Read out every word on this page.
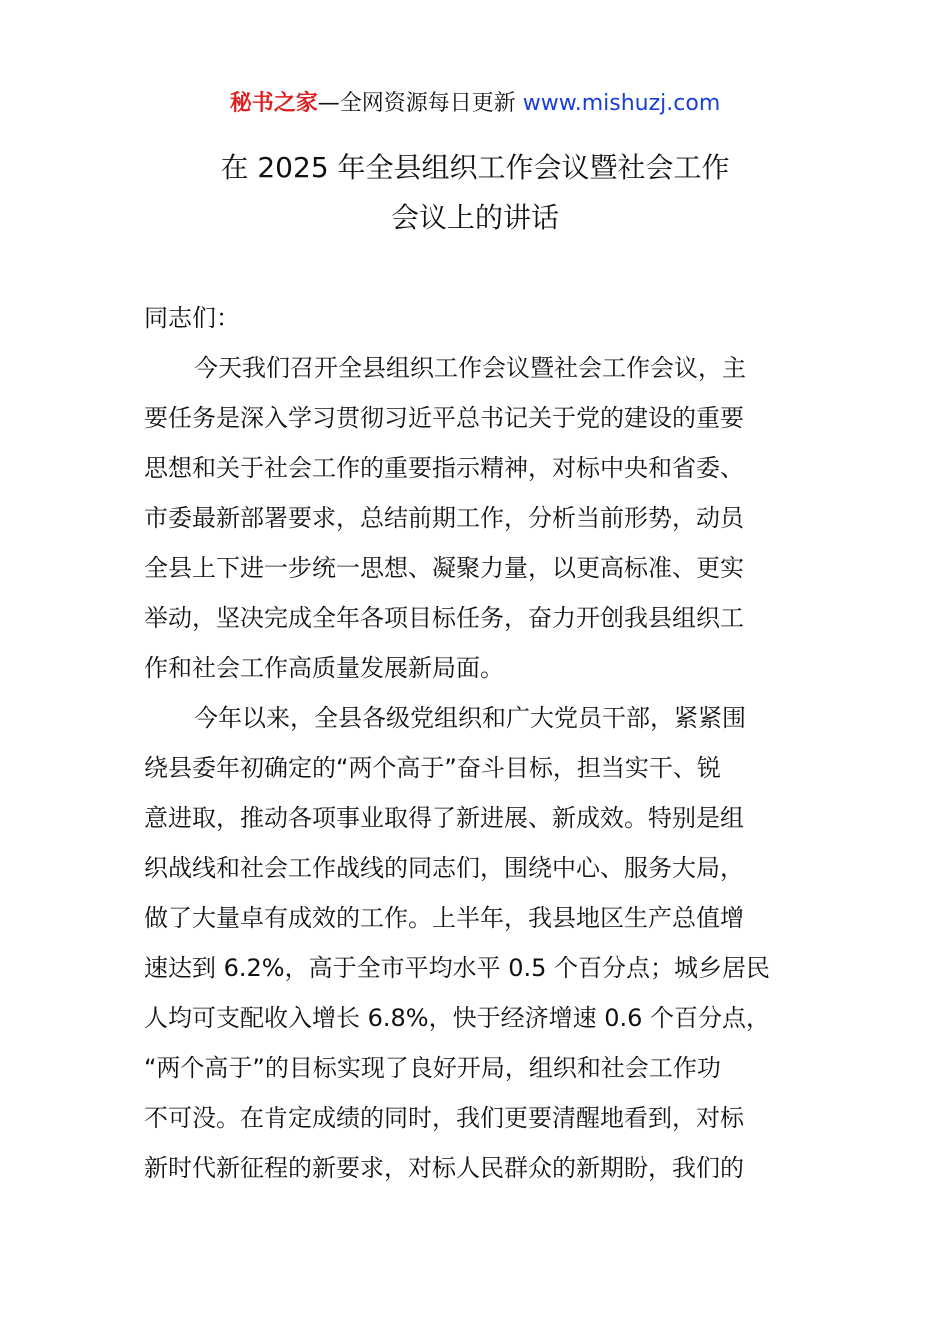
秘书之家—全网资源每日更新 www.mishuzj.com
在 2025 年全县组织工作会议暨社会工作
会议上的讲话
同志们：
今天我们召开全县组织工作会议暨社会工作会议，主
要任务是深入学习贯彻习近平总书记关于党的建设的重要
思想和关于社会工作的重要指示精神，对标中央和省委、
市委最新部署要求，总结前期工作，分析当前形势，动员
全县上下进一步统一思想、凝聚力量，以更高标准、更实
举动，坚决完成全年各项目标任务，奋力开创我县组织工
作和社会工作高质量发展新局面。
今年以来，全县各级党组织和广大党员干部，紧紧围
绕县委年初确定的“两个高于”奋斗目标，担当实干、锐
意进取，推动各项事业取得了新进展、新成效。特别是组
织战线和社会工作战线的同志们，围绕中心、服务大局，
做了大量卓有成效的工作。上半年，我县地区生产总值增
速达到 6.2%，高于全市平均水平 0.5 个百分点；城乡居民
人均可支配收入增长 6.8%，快于经济增速 0.6 个百分点，
“两个高于”的目标实现了良好开局，组织和社会工作功
不可没。在肯定成绩的同时，我们更要清醒地看到，对标
新时代新征程的新要求，对标人民群众的新期盼，我们的
